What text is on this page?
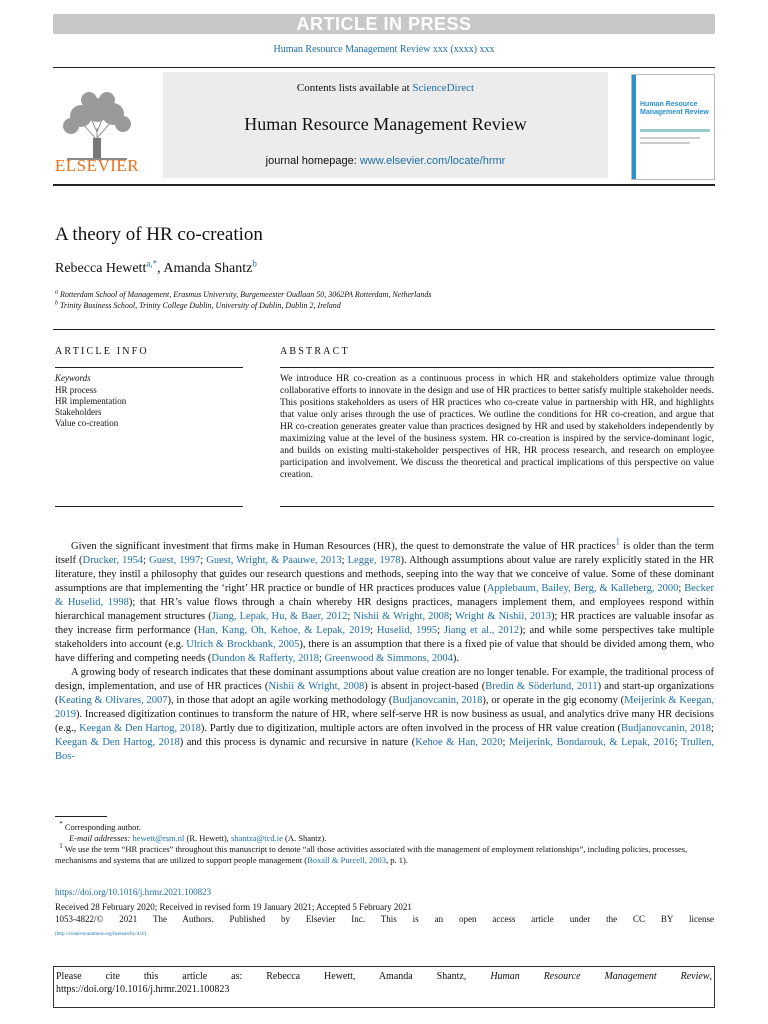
ARTICLE IN PRESS
Human Resource Management Review xxx (xxxx) xxx
ELSEVIER
Contents lists available at ScienceDirect
Human Resource Management Review
journal homepage: www.elsevier.com/locate/hrmr
Human Resource Management Review
A theory of HR co-creation
Rebecca Hewett$^{a,*}$, Amanda Shantz$^b$
$^a$ Rotterdam School of Management, Erasmus University, Burgemeester Oudlaan 50, 3062PA Rotterdam, Netherlands
$^b$ Trinity Business School, Trinity College Dublin, University of Dublin, Dublin 2, Ireland
ARTICLE INFO	ABSTRACT
Keywords
HR process
HR implementation
Stakeholders
Value co-creation
We introduce HR co-creation as a continuous process in which HR and stakeholders optimize value through collaborative efforts to innovate in the design and use of HR practices to better satisfy multiple stakeholder needs. This positions stakeholders as users of HR practices who co-create value in partnership with HR, and highlights that value only arises through the use of practices. We outline the conditions for HR co-creation, and argue that HR co-creation generates greater value than practices designed by HR and used by stakeholders independently by maximizing value at the level of the business system. HR co-creation is inspired by the service-dominant logic, and builds on existing multi-stakeholder perspectives of HR, HR process research, and research on employee participation and involvement. We discuss the theoretical and practical implications of this perspective on value creation.

Given the significant investment that firms make in Human Resources (HR), the quest to demonstrate the value of HR practices$^1$ is older than the term itself (Drucker, 1954; Guest, 1997; Guest, Wright, & Paauwe, 2013; Legge, 1978). Although assumptions about value are rarely explicitly stated in the HR literature, they instil a philosophy that guides our research questions and methods, seeping into the way that we conceive of value. Some of these dominant assumptions are that implementing the ‘right’ HR practice or bundle of HR practices produces value (Applebaum, Bailey, Berg, & Kalleberg, 2000; Becker & Huselid, 1998); that HR’s value flows through a chain whereby HR designs practices, managers implement them, and employees respond within hierarchical management structures (Jiang, Lepak, Hu, & Baer, 2012; Nishii & Wright, 2008; Wright & Nishii, 2013); HR practices are valuable insofar as they increase firm performance (Han, Kang, Oh, Kehoe, & Lepak, 2019; Huselid, 1995; Jiang et al., 2012); and while some perspectives take multiple stakeholders into account (e.g. Ulrich & Brockbank, 2005), there is an assumption that there is a fixed pie of value that should be divided among them, who have differing and competing needs (Dundon & Rafferty, 2018; Greenwood & Simmons, 2004).

A growing body of research indicates that these dominant assumptions about value creation are no longer tenable. For example, the traditional process of design, implementation, and use of HR practices (Nishii & Wright, 2008) is absent in project-based (Bredin & Söderlund, 2011) and start-up organizations (Keating & Olivares, 2007), in those that adopt an agile working methodology (Budjanovcanin, 2018), or operate in the gig economy (Meijerink & Keegan, 2019). Increased digitization continues to transform the nature of HR, where self-serve HR is now business as usual, and analytics drive many HR decisions (e.g., Keegan & Den Hartog, 2018). Partly due to digitization, multiple actors are often involved in the process of HR value creation (Budjanovcanin, 2018; Keegan & Den Hartog, 2018) and this process is dynamic and recursive in nature (Kehoe & Han, 2020; Meijerink, Bondarouk, & Lepak, 2016; Trullen, Bos-

* Corresponding author.
E-mail addresses: hewett@rsm.nl (R. Hewett), shantza@tcd.ie (A. Shantz).
$^1$ We use the term “HR practices” throughout this manuscript to denote “all those activities associated with the management of employment relationships”, including policies, processes, mechanisms and systems that are utilized to support people management (Boxall & Purcell, 2003, p. 1).
https://doi.org/10.1016/j.hrmr.2021.100823
Received 28 February 2020; Received in revised form 19 January 2021; Accepted 5 February 2021
1053-4822/© 2021 The Authors. Published by Elsevier Inc. This is an open access article under the CC BY license
(http://creativecommons.org/licenses/by/4.0/).
Please cite this article as: Rebecca Hewett, Amanda Shantz, Human Resource Management Review,
https://doi.org/10.1016/j.hrmr.2021.100823
